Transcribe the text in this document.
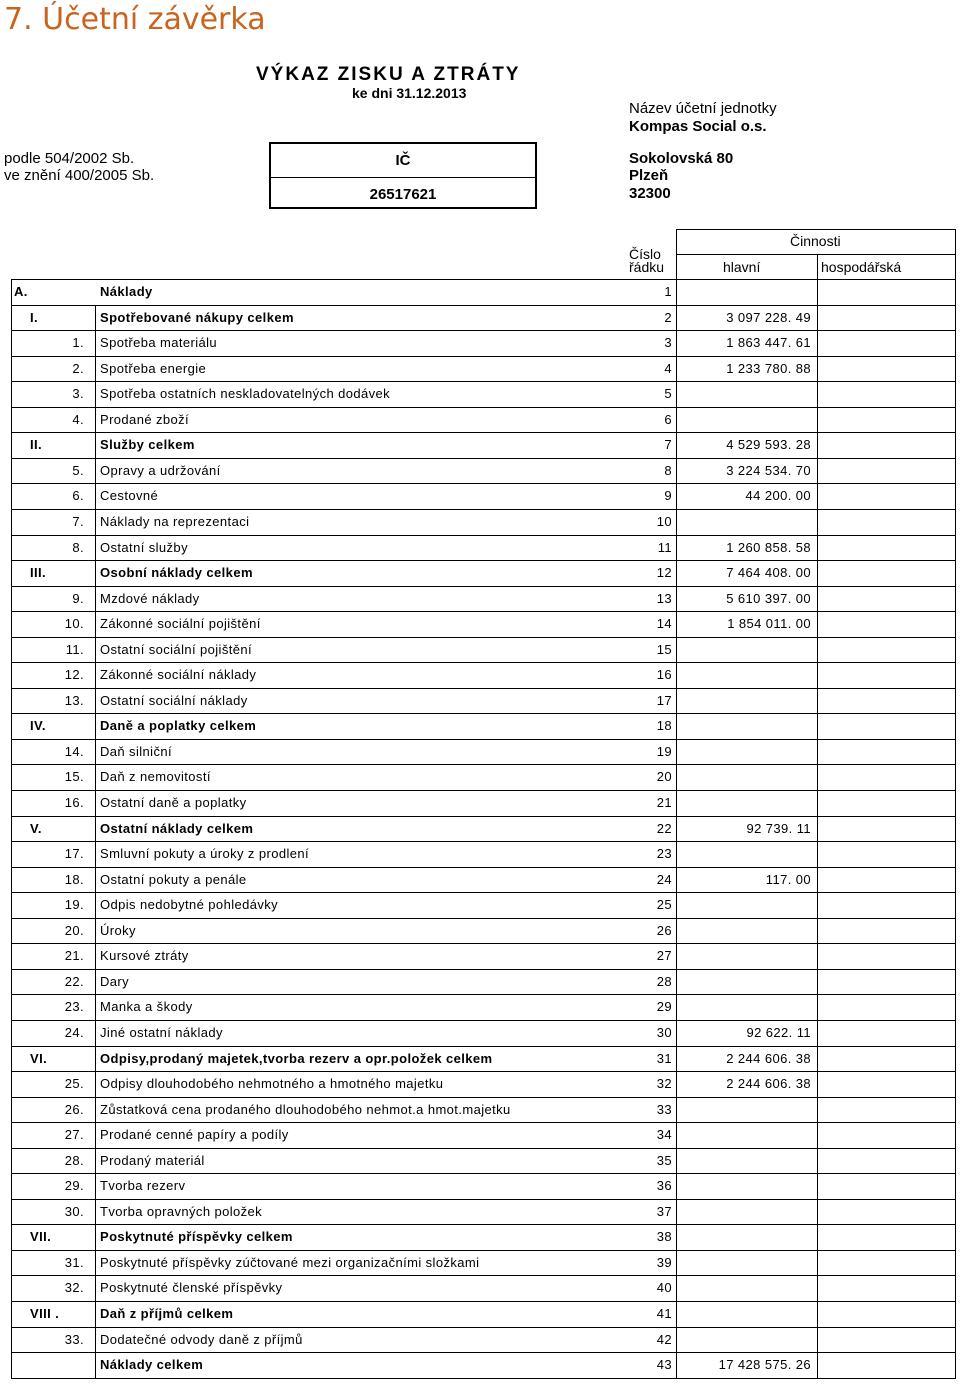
7. Účetní závěrka
VÝKAZ ZISKU A ZTRÁTY
ke dni 31.12.2013
Název účetní jednotky
Kompas Social o.s.
podle 504/2002 Sb.
ve znění 400/2005 Sb.
IČ
26517621
Sokolovská 80
Plzeň
32300
Číslo
řádku
Činnosti
hlavní	hospodářská
A.	Náklady	1
I.	Spotřebované nákupy celkem	2	3 097 228. 49
1. Spotřeba materiálu	3	1 863 447. 61
2. Spotřeba energie	4	1 233 780. 88
3. Spotřeba ostatních neskladovatelných dodávek	5
4. Prodané zboží	6
II.	Služby celkem	7	4 529 593. 28
5. Opravy a udržování	8	3 224 534. 70
6. Cestovné	9	44 200. 00
7. Náklady na reprezentaci	10
8. Ostatní služby	11	1 260 858. 58
III.	Osobní náklady celkem	12	7 464 408. 00
9. Mzdové náklady	13	5 610 397. 00
10. Zákonné sociální pojištění	14	1 854 011. 00
11. Ostatní sociální pojištění	15
12. Zákonné sociální náklady	16
13. Ostatní sociální náklady	17
IV.	Daně a poplatky celkem	18
14. Daň silniční	19
15. Daň z nemovitostí	20
16. Ostatní daně a poplatky	21
V.	Ostatní náklady celkem	22	92 739. 11
17. Smluvní pokuty a úroky z prodlení	23
18. Ostatní pokuty a penále	24	117. 00
19. Odpis nedobytné pohledávky	25
20. Úroky	26
21. Kursové ztráty	27
22. Dary	28
23. Manka a škody	29
24. Jiné ostatní náklady	30	92 622. 11
VI.	Odpisy,prodaný majetek,tvorba rezerv a opr.položek celkem	31	2 244 606. 38
25. Odpisy dlouhodobého nehmotného a hmotného majetku	32	2 244 606. 38
26. Zůstatková cena prodaného dlouhodobého nehmot.a hmot.majetku	33
27. Prodané cenné papíry a podíly	34
28. Prodaný materiál	35
29. Tvorba rezerv	36
30. Tvorba opravných položek	37
VII.	Poskytnuté příspěvky celkem	38
31. Poskytnuté příspěvky zúčtované mezi organizačními složkami	39
32. Poskytnuté členské příspěvky	40
VIII .	Daň z příjmů celkem	41
33. Dodatečné odvody daně z příjmů	42
Náklady celkem	43	17 428 575. 26
